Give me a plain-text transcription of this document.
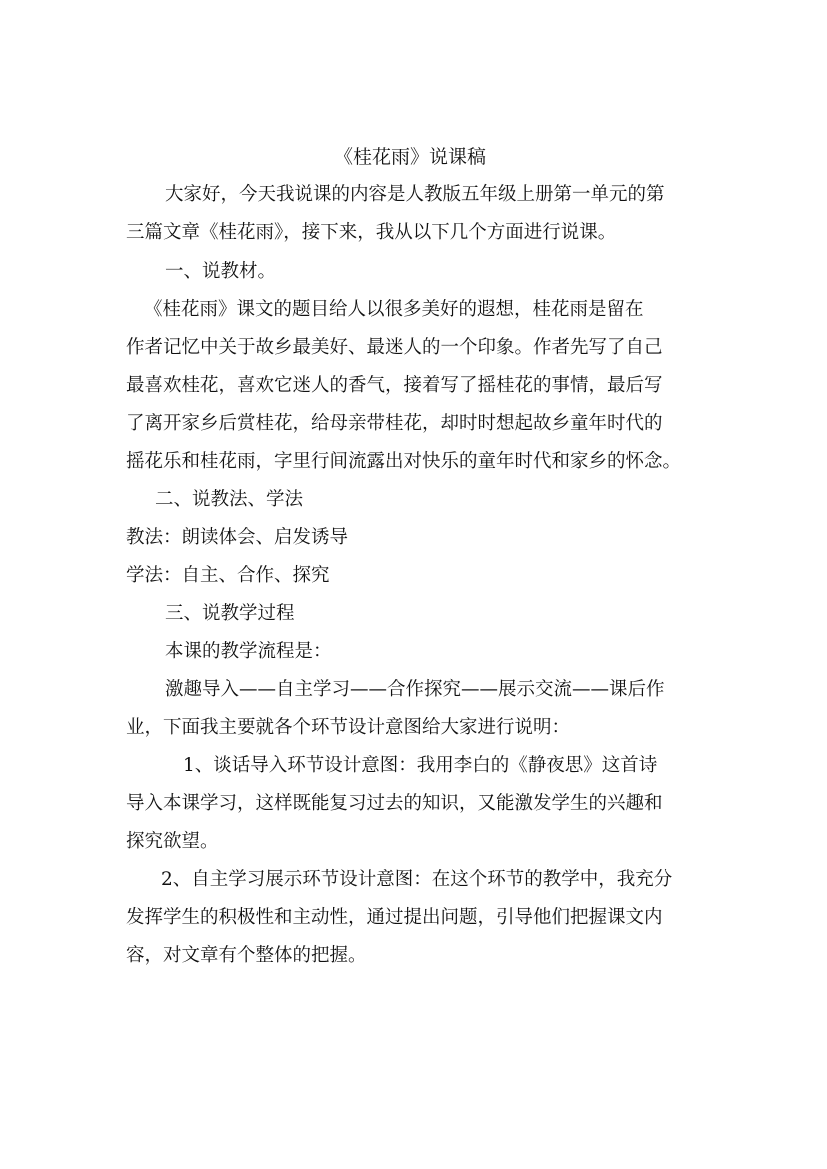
《桂花雨》说课稿

大家好，今天我说课的内容是人教版五年级上册第一单元的第

三篇文章《桂花雨》，接下来，我从以下几个方面进行说课。

一、说教材。

《桂花雨》课文的题目给人以很多美好的遐想，桂花雨是留在

作者记忆中关于故乡最美好、最迷人的一个印象。作者先写了自己

最喜欢桂花，喜欢它迷人的香气，接着写了摇桂花的事情，最后写

了离开家乡后赏桂花，给母亲带桂花，却时时想起故乡童年时代的

摇花乐和桂花雨，字里行间流露出对快乐的童年时代和家乡的怀念。

二、说教法、学法

教法：朗读体会、启发诱导

学法：自主、合作、探究

三、说教学过程

本课的教学流程是：

激趣导入——自主学习——合作探究——展示交流——课后作

业，下面我主要就各个环节设计意图给大家进行说明：

1、谈话导入环节设计意图：我用李白的《静夜思》这首诗

导入本课学习，这样既能复习过去的知识，又能激发学生的兴趣和

探究欲望。

2、自主学习展示环节设计意图：在这个环节的教学中，我充分

发挥学生的积极性和主动性，通过提出问题，引导他们把握课文内

容，对文章有个整体的把握。
